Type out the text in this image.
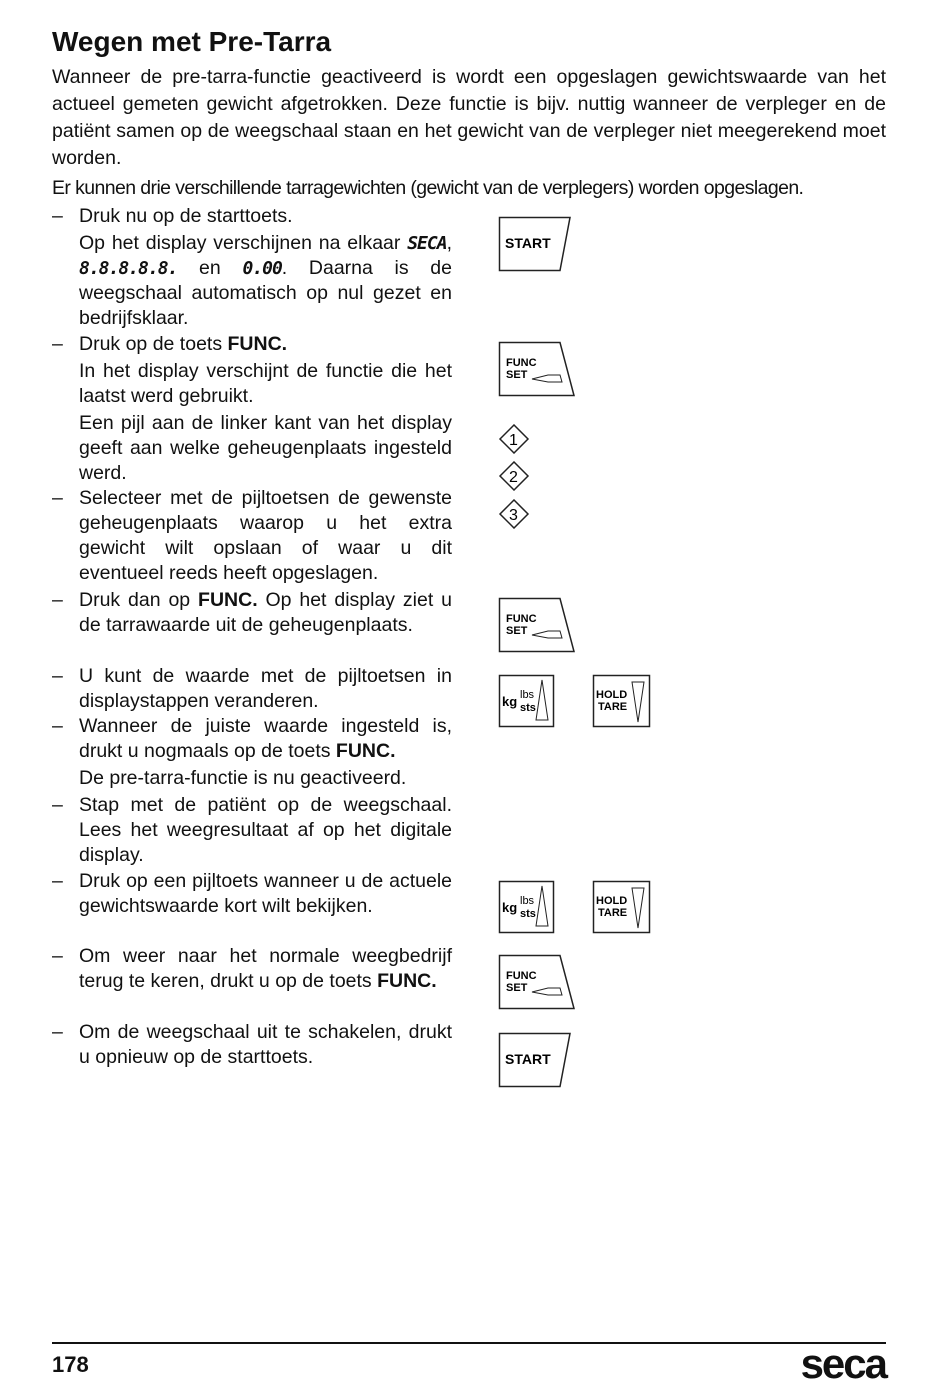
Wegen met Pre-Tarra

Wanneer de pre-tarra-functie geactiveerd is wordt een opgeslagen gewichtswaarde van het actueel gemeten gewicht afgetrokken. Deze functie is bijv. nuttig wanneer de verpleger en de patiënt samen op de weegschaal staan en het gewicht van de verpleger niet meegerekend moet worden.

Er kunnen drie verschillende tarragewichten (gewicht van de verplegers) worden opgeslagen.

– Druk nu op de starttoets.

Op het display verschijnen na elkaar SECA, 8.8.8.8.8. en 0.00. Daarna is de weegschaal automatisch op nul gezet en bedrijfsklaar.

– Druk op de toets FUNC.

In het display verschijnt de functie die het laatst werd gebruikt.

Een pijl aan de linker kant van het display geeft aan welke geheugenplaats ingesteld werd.

– Selecteer met de pijltoetsen de gewenste geheugenplaats waarop u het extra gewicht wilt opslaan of waar u dit eventueel reeds heeft opgeslagen.

– Druk dan op FUNC. Op het display ziet u de tarrawaarde uit de geheugenplaats.

– U kunt de waarde met de pijltoetsen in displaystappen veranderen.

– Wanneer de juiste waarde ingesteld is, drukt u nogmaals op de toets FUNC.

De pre-tarra-functie is nu geactiveerd.

– Stap met de patiënt op de weegschaal. Lees het weegresultaat af op het digitale display.

– Druk op een pijltoets wanneer u de actuele gewichtswaarde kort wilt bekijken.

– Om weer naar het normale weegbedrijf terug te keren, drukt u op de toets FUNC.

– Om de weegschaal uit te schakelen, drukt u opnieuw op de starttoets.

START
FUNC
SET
1
2
3
FUNC
SET
kg lbs
sts
HOLD
TARE
kg lbs
sts
HOLD
TARE
FUNC
SET
START
178	seca
